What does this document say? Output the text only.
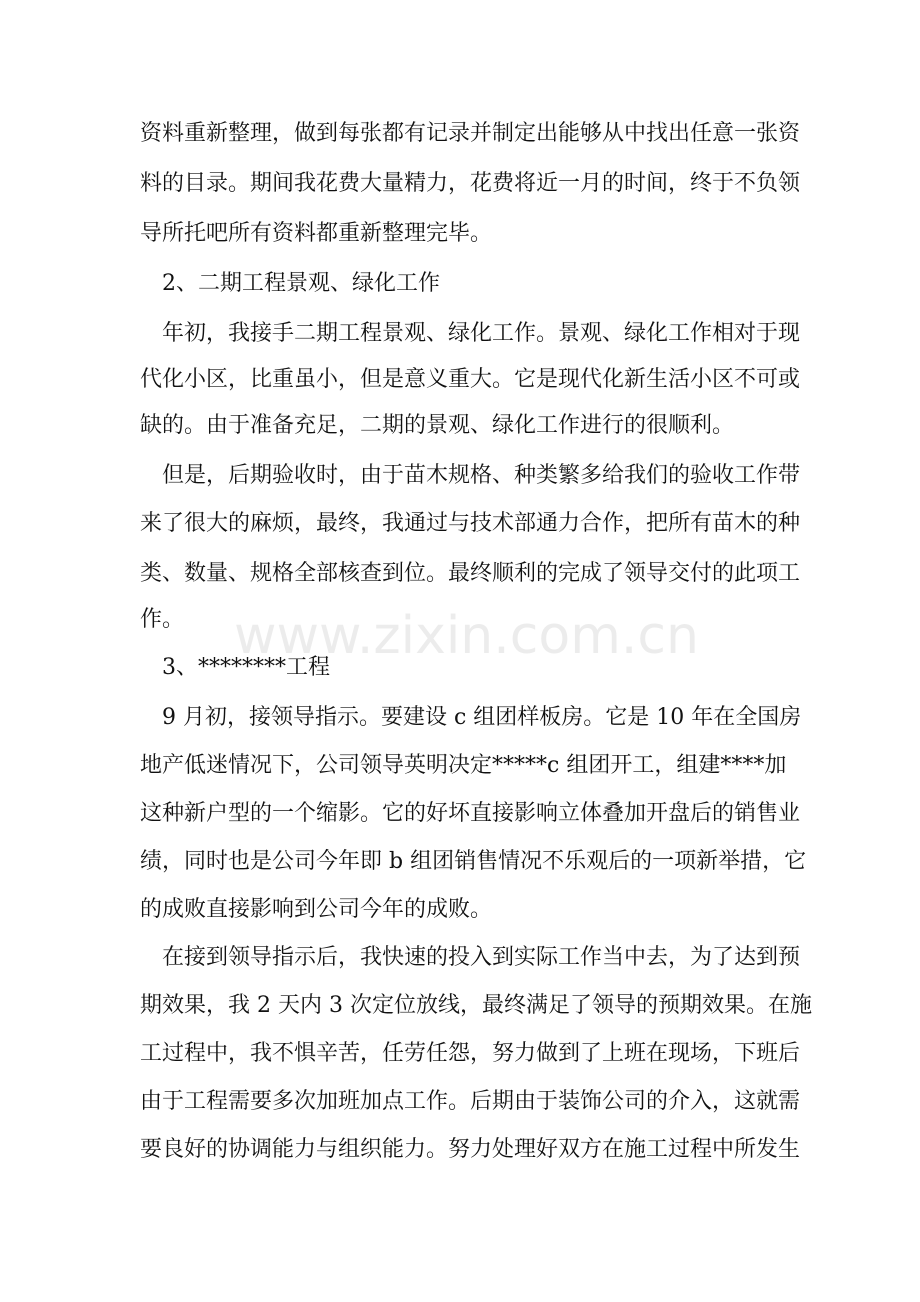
资料重新整理，做到每张都有记录并制定出能够从中找出任意一张资
料的目录。期间我花费大量精力，花费将近一月的时间，终于不负领
导所托吧所有资料都重新整理完毕。
2、二期工程景观、绿化工作
年初，我接手二期工程景观、绿化工作。景观、绿化工作相对于现
代化小区，比重虽小，但是意义重大。它是现代化新生活小区不可或
缺的。由于准备充足，二期的景观、绿化工作进行的很顺利。
但是，后期验收时，由于苗木规格、种类繁多给我们的验收工作带
来了很大的麻烦，最终，我通过与技术部通力合作，把所有苗木的种
类、数量、规格全部核查到位。最终顺利的完成了领导交付的此项工
作。
3、********工程
9 月初，接领导指示。要建设 c 组团样板房。它是 10 年在全国房
地产低迷情况下，公司领导英明决定*****c 组团开工，组建****加
这种新户型的一个缩影。它的好坏直接影响立体叠加开盘后的销售业
绩，同时也是公司今年即 b 组团销售情况不乐观后的一项新举措，它
的成败直接影响到公司今年的成败。
在接到领导指示后，我快速的投入到实际工作当中去，为了达到预
期效果，我 2 天内 3 次定位放线，最终满足了领导的预期效果。在施
工过程中，我不惧辛苦，任劳任怨，努力做到了上班在现场，下班后
由于工程需要多次加班加点工作。后期由于装饰公司的介入，这就需
要良好的协调能力与组织能力。努力处理好双方在施工过程中所发生
www.zixin.com.cn
